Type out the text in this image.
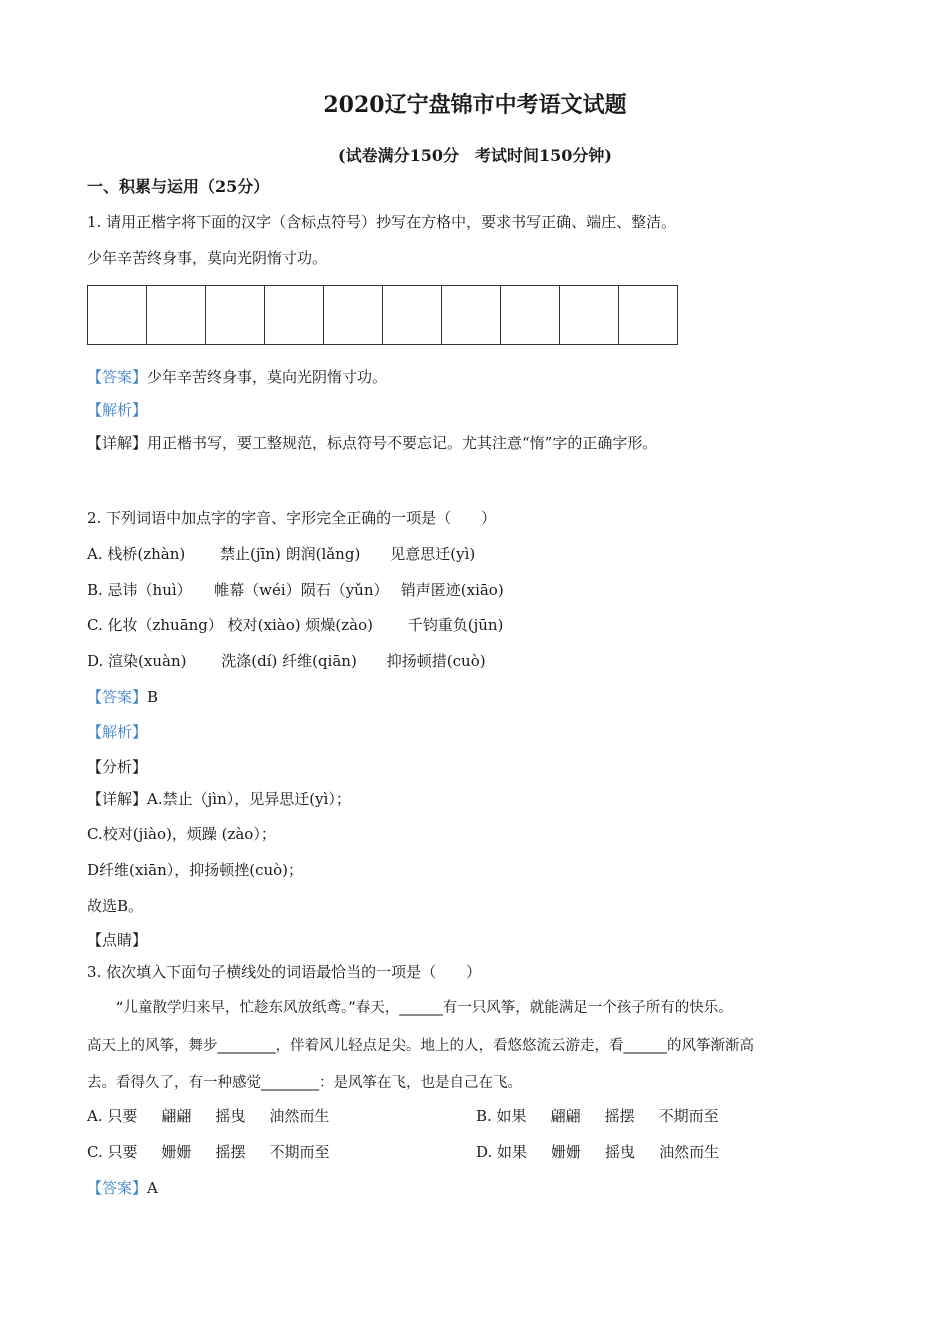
2020辽宁盘锦市中考语文试题
(试卷满分150分　考试时间150分钟)
一、积累与运用（25分）
1. 请用正楷字将下面的汉字（含标点符号）抄写在方格中，要求书写正确、端庄、整洁。
少年辛苦终身事，莫向光阴惰寸功。
【答案】少年辛苦终身事，莫向光阴惰寸功。
【解析】
【详解】用正楷书写，要工整规范，标点符号不要忘记。尤其注意“惰”字的正确字形。
2. 下列词语中加点字的字音、字形完全正确的一项是（　　）
A. 栈桥(zhàn)　　 禁止(jīn) 朗润(lǎng)　　见意思迁(yì)
B. 忌讳（huì）　　帷幕（wéi）陨石（yǔn）　 销声匿迹(xiāo)
C. 化妆（zhuāng） 校对(xiào) 烦燥(zào)　　 千钧重负(jūn)
D. 渲染(xuàn)　　 洗涤(dí) 纤维(qiān)　　抑扬顿措(cuò)
【答案】B
【解析】
【分析】
【详解】A.禁止（jìn），见异思迁(yì）；
C.校对(jiào)，烦躁 (zào）；
D纤维(xiān），抑扬顿挫(cuò)；
故选B。
【点睛】
3. 依次填入下面句子横线处的词语最恰当的一项是（　　）
　　“儿童散学归来早，忙趁东风放纸鸢。”春天，______有一只风筝，就能满足一个孩子所有的快乐。
高天上的风筝，舞步________，伴着风儿轻点足尖。地上的人，看悠悠流云游走，看______的风筝渐渐高
去。看得久了，有一种感觉________：是风筝在飞，也是自己在飞。
A. 只要 翩翩 摇曳 油然而生	B. 如果 翩翩 摇摆 不期而至
C. 只要 姗姗 摇摆 不期而至	D. 如果 姗姗 摇曳 油然而生
【答案】A
